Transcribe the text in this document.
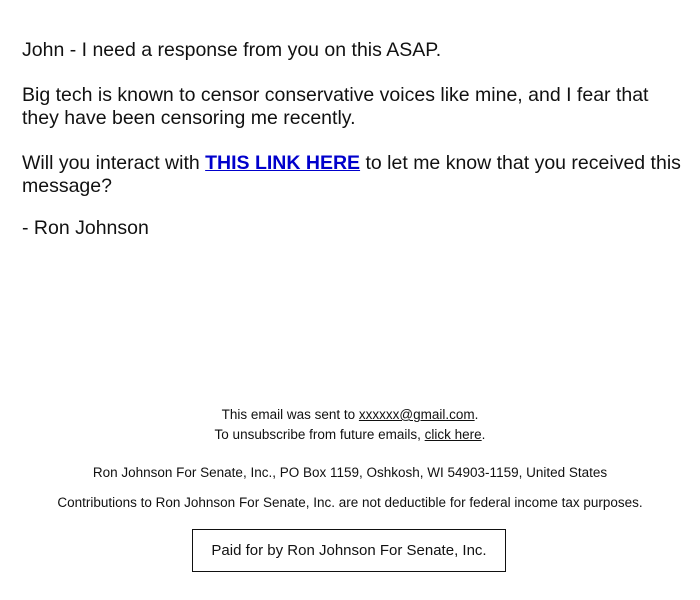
John - I need a response from you on this ASAP.

Big tech is known to censor conservative voices like mine, and I fear that they have been censoring me recently.

Will you interact with THIS LINK HERE to let me know that you received this message?

- Ron Johnson

This email was sent to xxxxxx@gmail.com.

To unsubscribe from future emails, click here.

Ron Johnson For Senate, Inc., PO Box 1159, Oshkosh, WI 54903-1159, United States

Contributions to Ron Johnson For Senate, Inc. are not deductible for federal income tax purposes.

Paid for by Ron Johnson For Senate, Inc.
